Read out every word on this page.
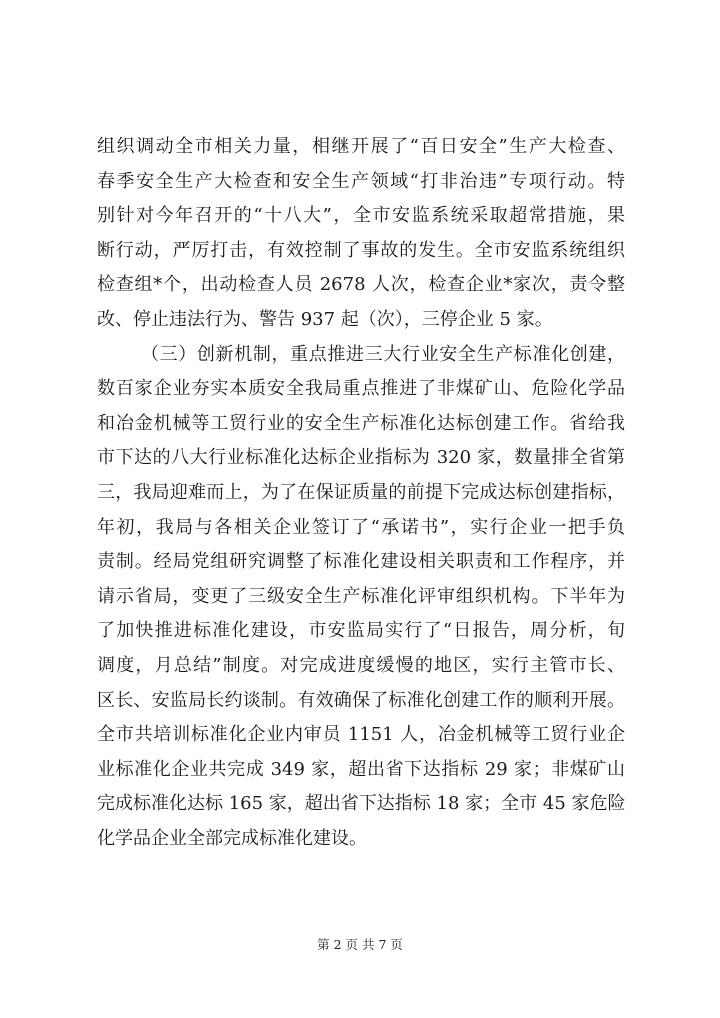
组织调动全市相关力量，相继开展了“百日安全”生产大检查、
春季安全生产大检查和安全生产领域“打非治违”专项行动。特
别针对今年召开的“十八大”，全市安监系统采取超常措施，果
断行动，严厉打击，有效控制了事故的发生。全市安监系统组织
检查组*个，出动检查人员 2678 人次，检查企业*家次，责令整
改、停止违法行为、警告 937 起（次），三停企业 5 家。
（三）创新机制，重点推进三大行业安全生产标准化创建，
数百家企业夯实本质安全我局重点推进了非煤矿山、危险化学品
和冶金机械等工贸行业的安全生产标准化达标创建工作。省给我
市下达的八大行业标准化达标企业指标为 320 家，数量排全省第
三，我局迎难而上，为了在保证质量的前提下完成达标创建指标，
年初，我局与各相关企业签订了“承诺书”，实行企业一把手负
责制。经局党组研究调整了标准化建设相关职责和工作程序，并
请示省局，变更了三级安全生产标准化评审组织机构。下半年为
了加快推进标准化建设，市安监局实行了“日报告，周分析，旬
调度，月总结”制度。对完成进度缓慢的地区，实行主管市长、
区长、安监局长约谈制。有效确保了标准化创建工作的顺利开展。
全市共培训标准化企业内审员 1151 人，冶金机械等工贸行业企
业标准化企业共完成 349 家，超出省下达指标 29 家；非煤矿山
完成标准化达标 165 家，超出省下达指标 18 家；全市 45 家危险
化学品企业全部完成标准化建设。
第 2 页 共 7 页
